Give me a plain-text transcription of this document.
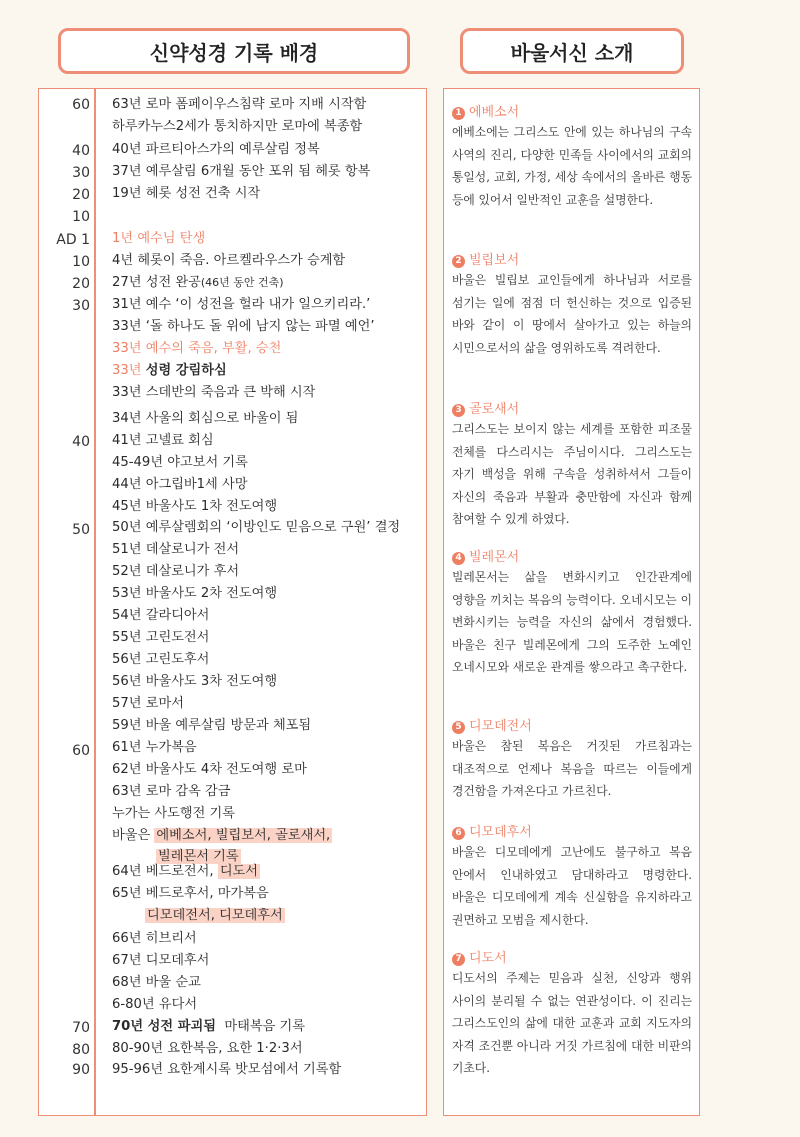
신약성경 기록 배경	바울서신 소개
60
40
30
20
10
AD 1
10
20
30
40
50
60
70
80
90
63년 로마 폼페이우스침략 로마 지배 시작함
하루카누스2세가 통치하지만 로마에 복종함
40년 파르티아스가의 예루살림 정복
37년 예루살림 6개월 동안 포위 됨 헤롯 항복
19년 헤롯 성전 건축 시작
1년 예수님 탄생
4년 헤롯이 죽음. 아르켈라우스가 승계함
27년 성전 완공(46년 동안 건축)
31년 예수 ‘이 성전을 헐라 내가 일으키리라.’
33년 ‘돌 하나도 돌 위에 남지 않는 파멸 예언’
33년 예수의 죽음, 부활, 승천
33년 성령 강림하심
33년 스데반의 죽음과 큰 박해 시작
34년 사울의 회심으로 바울이 됨
41년 고넬료 회심
45-49년 야고보서 기록
44년 아그립바1세 사망
45년 바울사도 1차 전도여행
50년 예루살렘회의 ‘이방인도 믿음으로 구원’ 결정
51년 데살로니가 전서
52년 데살로니가 후서
53년 바울사도 2차 전도여행
54년 갈라디아서
55년 고린도전서
56년 고린도후서
56년 바울사도 3차 전도여행
57년 로마서
59년 바울 예루살림 방문과 체포됨
61년 누가복음
62년 바울사도 4차 전도여행 로마
63년 로마 감옥 감금
누가는 사도행전 기록
바울은 에베소서, 빌립보서, 골로새서,
빌레몬서 기록
64년 베드로전서, 디도서
65년 베드로후서, 마가복음
디모데전서, 디모데후서
66년 히브리서
67년 디모데후서
68년 바울 순교
6-80년 유다서
70년 성전 파괴됨 마태복음 기록
80-90년 요한복음, 요한 1·2·3서
95-96년 요한계시록 밧모섬에서 기록함
1 에베소서
에베소에는 그리스도 안에 있는 하나님의 구속 사역의 진리, 다양한 민족들 사이에서의 교회의 통일성, 교회, 가정, 세상 속에서의 올바른 행동 등에 있어서 일반적인 교훈을 설명한다.
2 빌립보서
바울은 빌립보 교인들에게 하나님과 서로를 섬기는 일에 점점 더 헌신하는 것으로 입증된 바와 같이 이 땅에서 살아가고 있는 하늘의 시민으로서의 삶을 영위하도록 격려한다.
3 골로새서
그리스도는 보이지 않는 세계를 포함한 피조물 전체를 다스리시는 주님이시다. 그리스도는 자기 백성을 위해 구속을 성취하셔서 그들이 자신의 죽음과 부활과 충만함에 자신과 함께 참여할 수 있게 하였다.
4 빌레몬서
빌레몬서는 삶을 변화시키고 인간관계에 영향을 끼치는 복음의 능력이다. 오네시모는 이 변화시키는 능력을 자신의 삶에서 경험했다. 바울은 친구 빌레몬에게 그의 도주한 노예인 오네시모와 새로운 관계를 쌓으라고 촉구한다.
5 디모데전서
바울은 참된 복음은 거짓된 가르침과는 대조적으로 언제나 복음을 따르는 이들에게 경건함을 가져온다고 가르친다.
6 디모데후서
바울은 디모데에게 고난에도 불구하고 복음 안에서 인내하였고 담대하라고 명령한다. 바울은 디모데에게 계속 신실함을 유지하라고 권면하고 모범을 제시한다.
7 디도서
디도서의 주제는 믿음과 실천, 신앙과 행위 사이의 분리될 수 없는 연관성이다. 이 진리는 그리스도인의 삶에 대한 교훈과 교회 지도자의 자격 조건뿐 아니라 거짓 가르침에 대한 비판의 기초다.
